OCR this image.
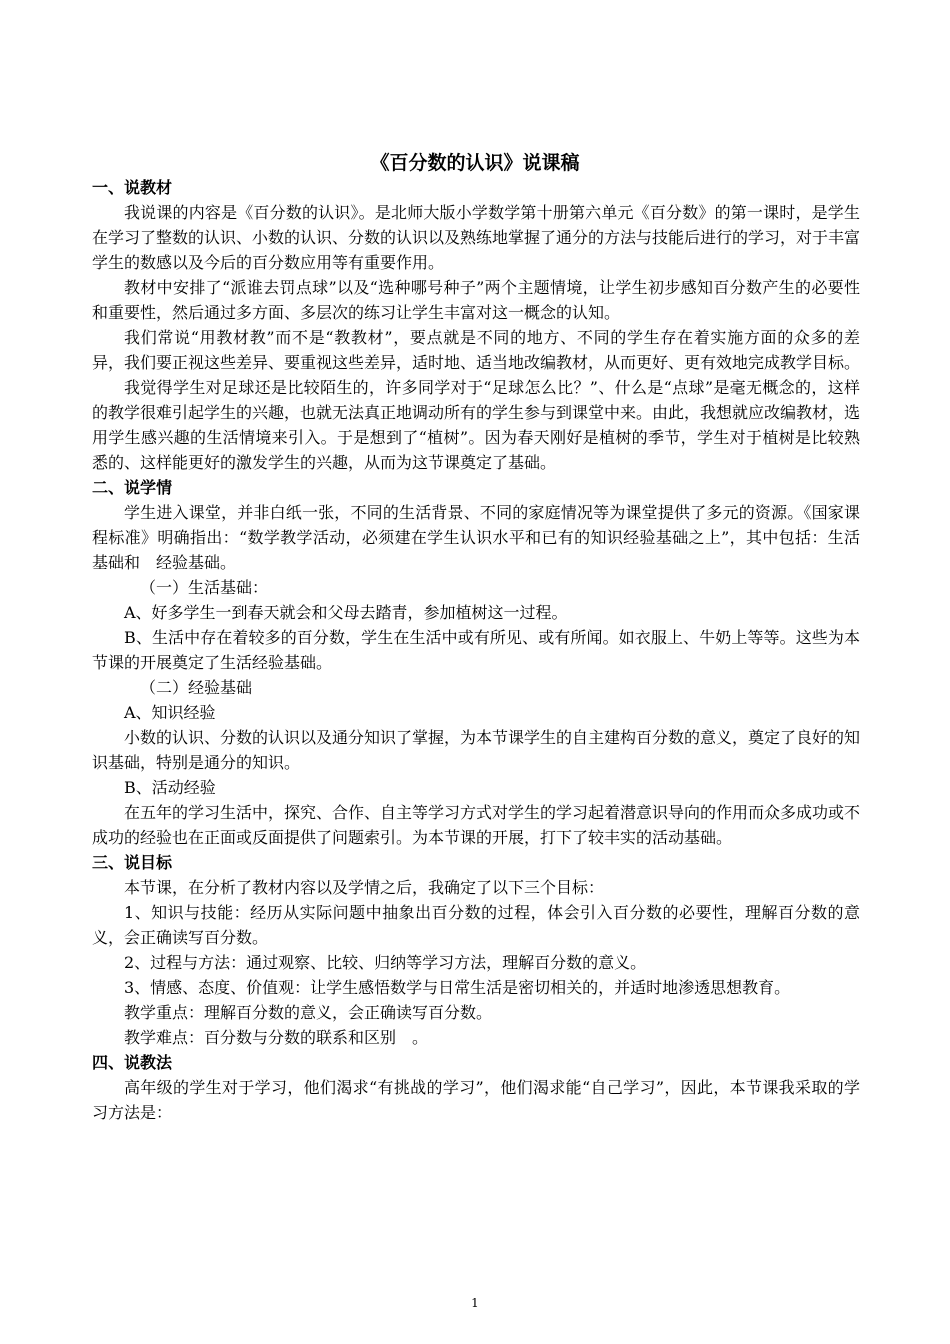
《百分数的认识》说课稿

一、说教材

我说课的内容是《百分数的认识》。是北师大版小学数学第十册第六单元《百分数》的第一课时，是学生在学习了整数的认识、小数的认识、分数的认识以及熟练地掌握了通分的方法与技能后进行的学习，对于丰富学生的数感以及今后的百分数应用等有重要作用。

教材中安排了“派谁去罚点球”以及“选种哪号种子”两个主题情境，让学生初步感知百分数产生的必要性和重要性，然后通过多方面、多层次的练习让学生丰富对这一概念的认知。

我们常说“用教材教”而不是“教教材”，要点就是不同的地方、不同的学生存在着实施方面的众多的差异，我们要正视这些差异、要重视这些差异，适时地、适当地改编教材，从而更好、更有效地完成教学目标。

我觉得学生对足球还是比较陌生的，许多同学对于“足球怎么比？”、什么是“点球”是毫无概念的，这样的教学很难引起学生的兴趣，也就无法真正地调动所有的学生参与到课堂中来。由此，我想就应改编教材，选用学生感兴趣的生活情境来引入。于是想到了“植树”。因为春天刚好是植树的季节，学生对于植树是比较熟悉的、这样能更好的激发学生的兴趣，从而为这节课奠定了基础。

二、说学情

学生进入课堂，并非白纸一张，不同的生活背景、不同的家庭情况等为课堂提供了多元的资源。《国家课程标准》明确指出：“数学教学活动，必须建在学生认识水平和已有的知识经验基础之上”，其中包括：生活基础和　经验基础。

（一）生活基础：

A、好多学生一到春天就会和父母去踏青，参加植树这一过程。

B、生活中存在着较多的百分数，学生在生活中或有所见、或有所闻。如衣服上、牛奶上等等。这些为本节课的开展奠定了生活经验基础。

（二）经验基础

A、知识经验

小数的认识、分数的认识以及通分知识了掌握，为本节课学生的自主建构百分数的意义，奠定了良好的知识基础，特别是通分的知识。

B、活动经验

在五年的学习生活中，探究、合作、自主等学习方式对学生的学习起着潜意识导向的作用而众多成功或不成功的经验也在正面或反面提供了问题索引。为本节课的开展，打下了较丰实的活动基础。

三、说目标

本节课，在分析了教材内容以及学情之后，我确定了以下三个目标：

1、知识与技能：经历从实际问题中抽象出百分数的过程，体会引入百分数的必要性，理解百分数的意义，会正确读写百分数。

2、过程与方法：通过观察、比较、归纳等学习方法，理解百分数的意义。

3、情感、态度、价值观：让学生感悟数学与日常生活是密切相关的，并适时地渗透思想教育。

教学重点：理解百分数的意义，会正确读写百分数。

教学难点：百分数与分数的联系和区别　。

四、说教法

高年级的学生对于学习，他们渴求“有挑战的学习”，他们渴求能“自己学习”，因此，本节课我采取的学习方法是：

1
